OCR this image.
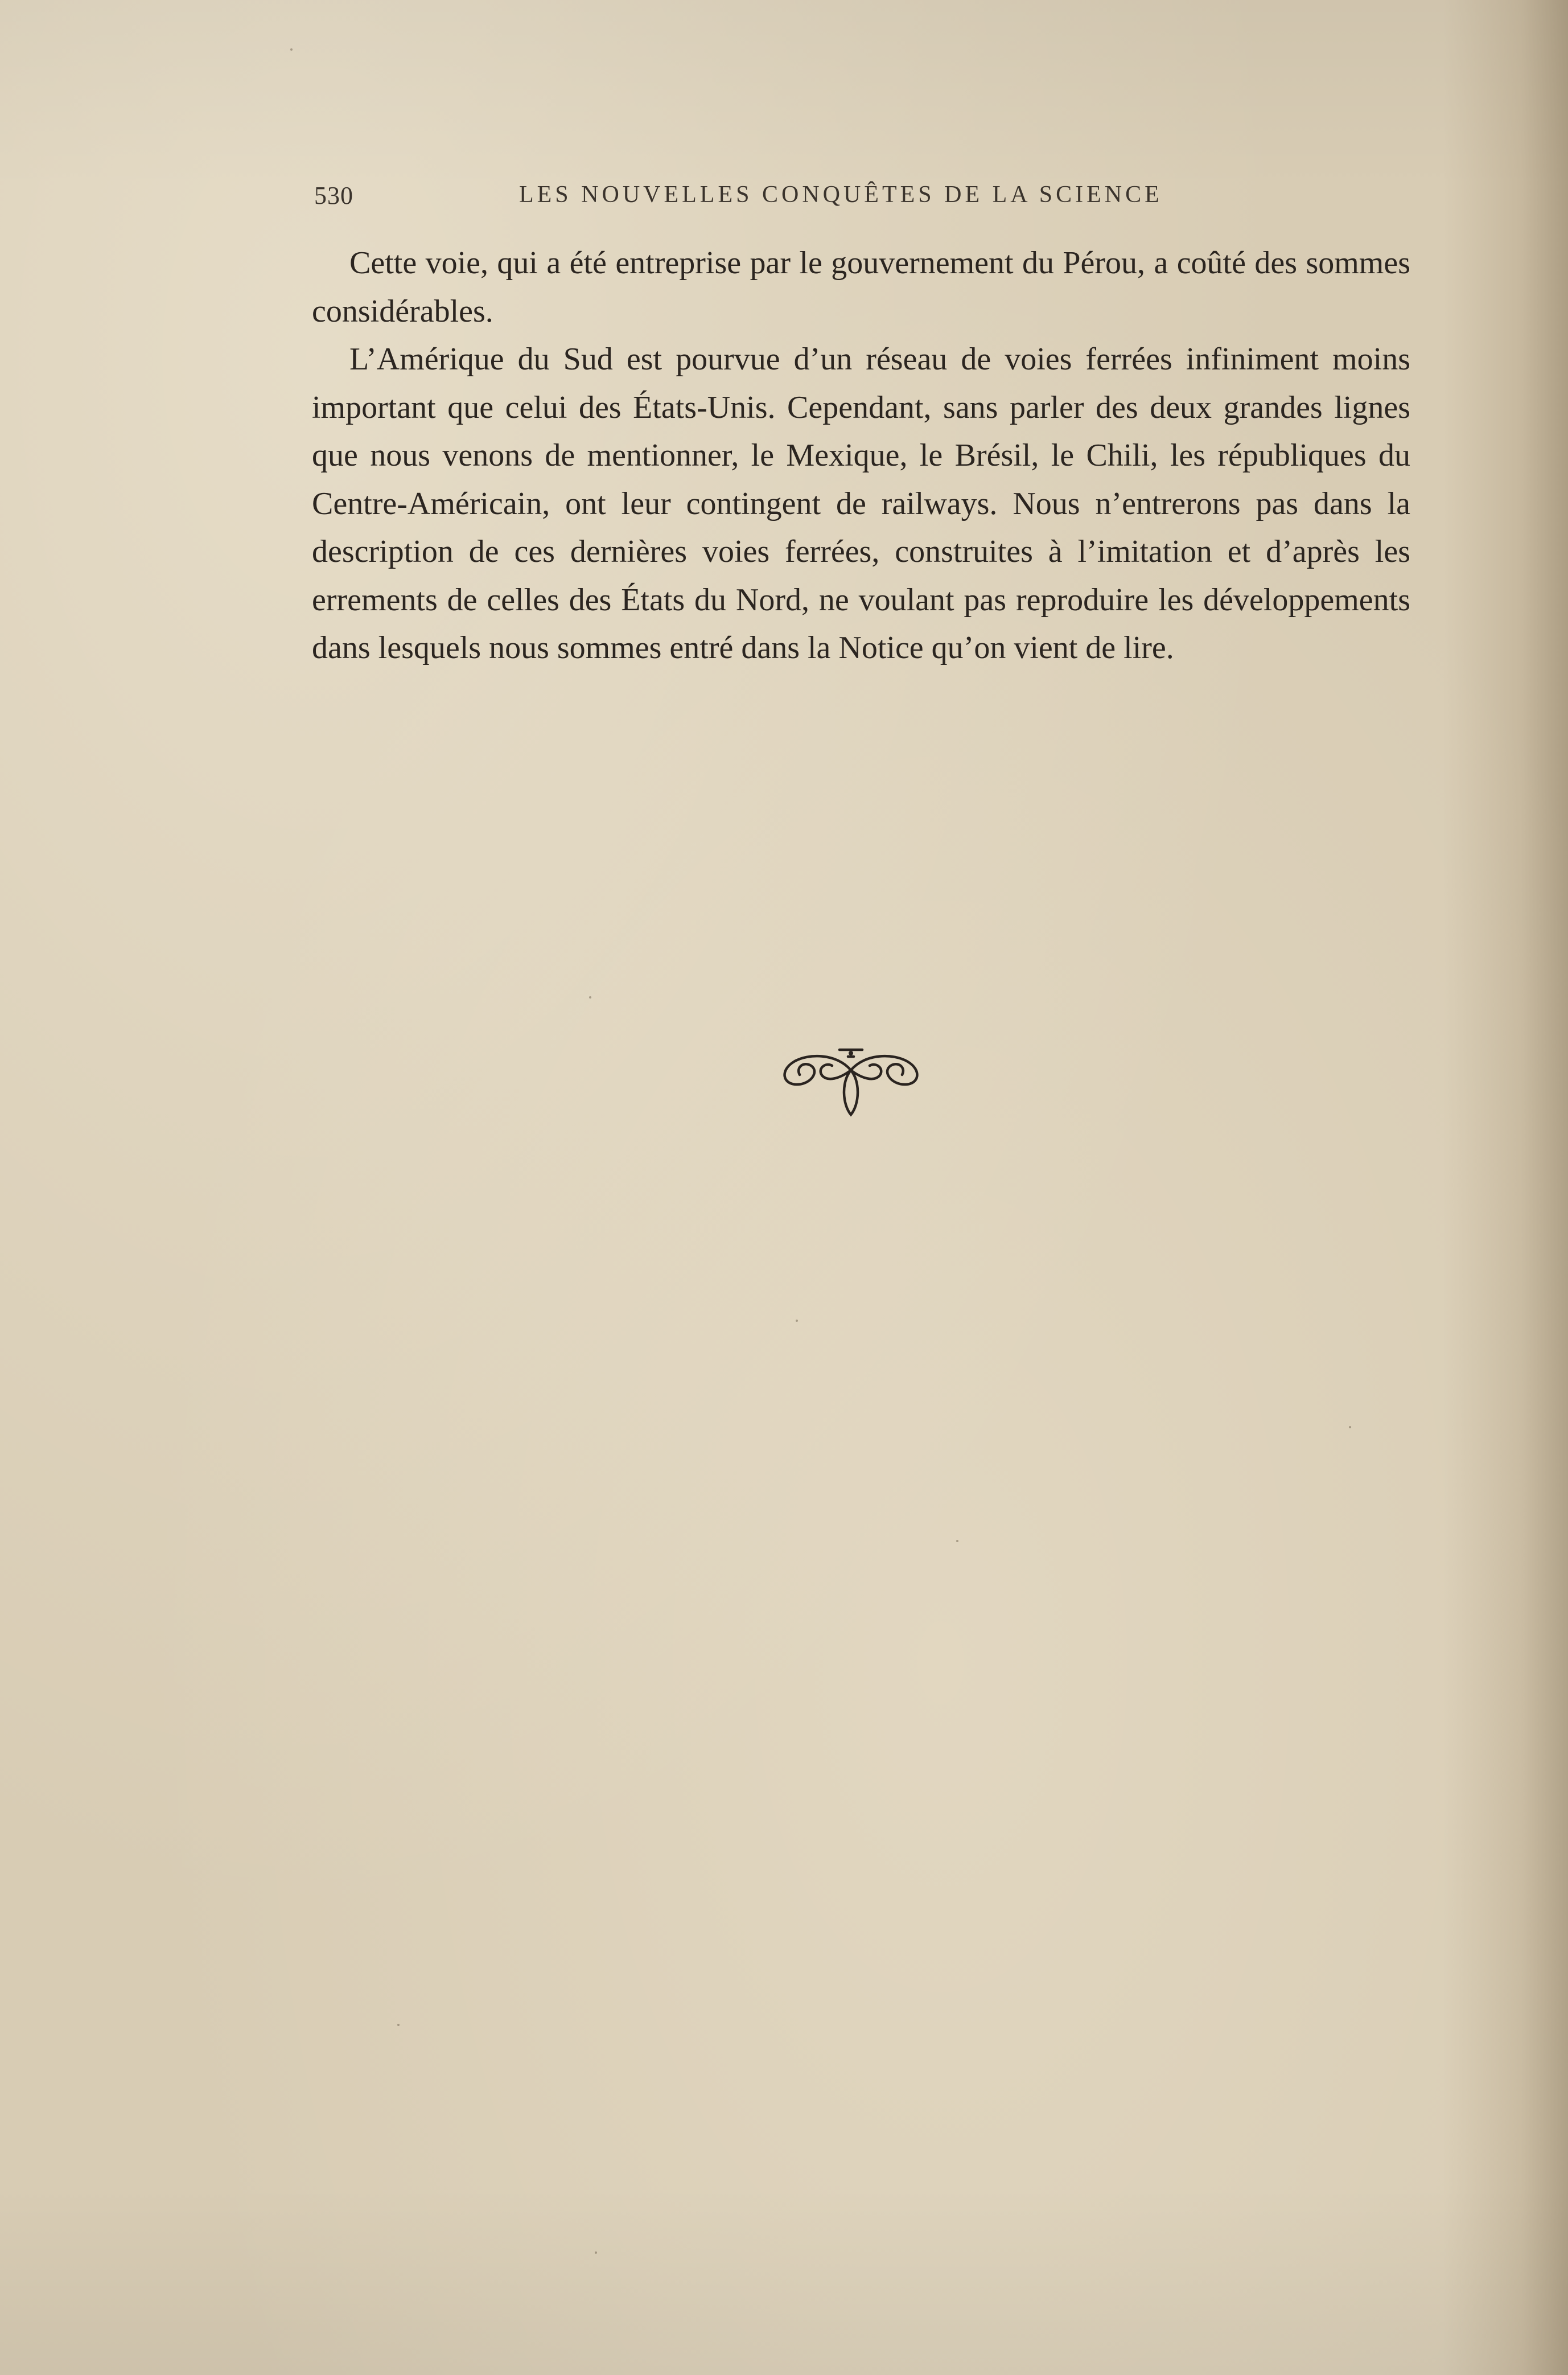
530	LES NOUVELLES CONQUÊTES DE LA SCIENCE

Cette voie, qui a été entreprise par le gouvernement du Pérou, a coûté des sommes considérables.

L’Amérique du Sud est pourvue d’un réseau de voies ferrées infiniment moins important que celui des États-Unis. Cependant, sans parler des deux grandes lignes que nous venons de mentionner, le Mexique, le Brésil, le Chili, les républiques du Centre-Américain, ont leur contingent de railways. Nous n’entrerons pas dans la description de ces dernières voies ferrées, construites à l’imitation et d’après les errements de celles des États du Nord, ne voulant pas reproduire les développements dans lesquels nous sommes entré dans la Notice qu’on vient de lire.
